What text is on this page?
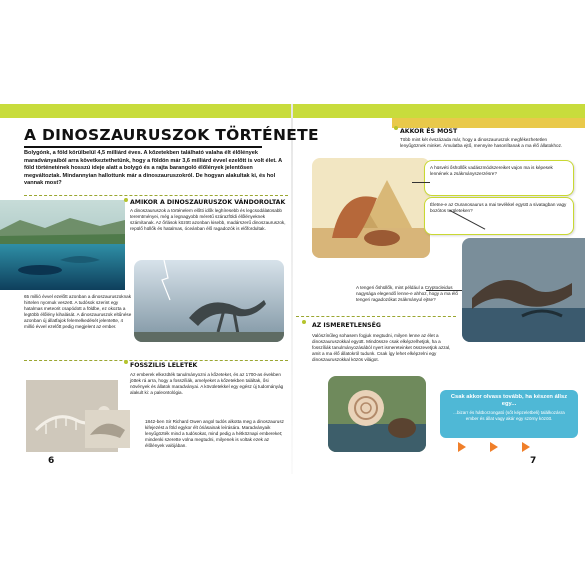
A DINOSZAURUSZOK TÖRTÉNETE
Bolygónk, a föld körülbelül 4,5 milliárd éves. A kőzetekben található valaha élt élőlények maradványaiból arra következtethetünk, hogy a földön már 3,6 milliárd évvel ezelőtt is volt élet. A föld történetének hosszú ideje alatt a bolygó és a rajta barangoló élőlények jelentősen megváltoztak. Mindannyian hallottunk már a dinoszauruszokról. De hogyan alakultak ki, és hol vannak most?
AMIKOR A DINOSZAURUSZOK VÁNDOROLTAK
A dinoszauruszok a történelem előtti idők leghíresebb és legcsodálatosabb teremtményei, még a legnagyobb méretű szárazföldi élőlényeknek számítanak. Az őrlások között azonban kisebb, madárszerű dinoszauruszok, repülő hüllők és hatalmas, óceánban élő ragadozók is előfordultak.
65 millió évvel ezelőtt azonban a dinoszauruszoknak hirtelen nyomuk veszett. A tudósok szerint egy hatalmas meteorit csapódott a földbe, ez okozta a legtöbb élőlény kihalását. A dinoszauruszok eltűnése azonban új állatfajok felemelkedését jelentette, 4 millió évvel ezelőtt pedig megjelent az ember.
FOSSZILIS LELETEK
Az emberek elkezdték tanulmányozni a kőzeteket, és az 1700-as években jöttek rá arra, hogy a fosszíliák, amelyeket a kőzetekben találtak, ősi növények és állatok maradványai. A kövületekkel egy egész új tudományág alakult ki: a paleontológia.
1842-ben Sir Richard Owen angol tudós alkotta meg a dinoszaurusz kifejezést a föld egykor élt óriásainak leírására. Maradványaik lenyűgözték mind a tudósokat, mind pedig a hétköznapi embereket; mindenki szerette volna megtudni, milyenek is voltak ezek az élőlények valójában.
6
AKKOR ÉS MOST
Több mint két évszázada már, hogy a dinoszauruszok megfékezhetetlen lenyűgöznek minket. Ámulatba ejtő, mennyire hasonlítanak a ma élő állatokhoz.
A hüsvéti őshüllők vadászmódszereiket vajon ma is képesek lennének a zsákmányszerzésre?
Életne-e az Ouranosaurus a mai tevékkel együtt a sivatagban vagy bozótos területeken?
A tengeri őshüllők, mint például a Cryptocleidus nagysága elegendő lenne-e ahhoz, hogy a ma élő tengeri ragadozókat zsákmányul ejtse?
AZ ISMERETLENSÉG
Valószínűleg sohasem fogjuk megtudni, milyen lenne az élet a dinoszauruszokkal együtt. Mindössze csak elképzelhetjük, ha a fosszíliák tanulmányozásából nyert ismereteinket összevetjük azzal, amit a ma élő állatokról tudunk. Csak így lehet elképzelni egy dinoszauruszokkal közös világot.
Csak akkor olvass tovább, ha készen állsz egy...
...bizarr és hátborzongató (sőt képzeletbeli) találkozásra ember és állat vagy akár egy szörny között.
7
